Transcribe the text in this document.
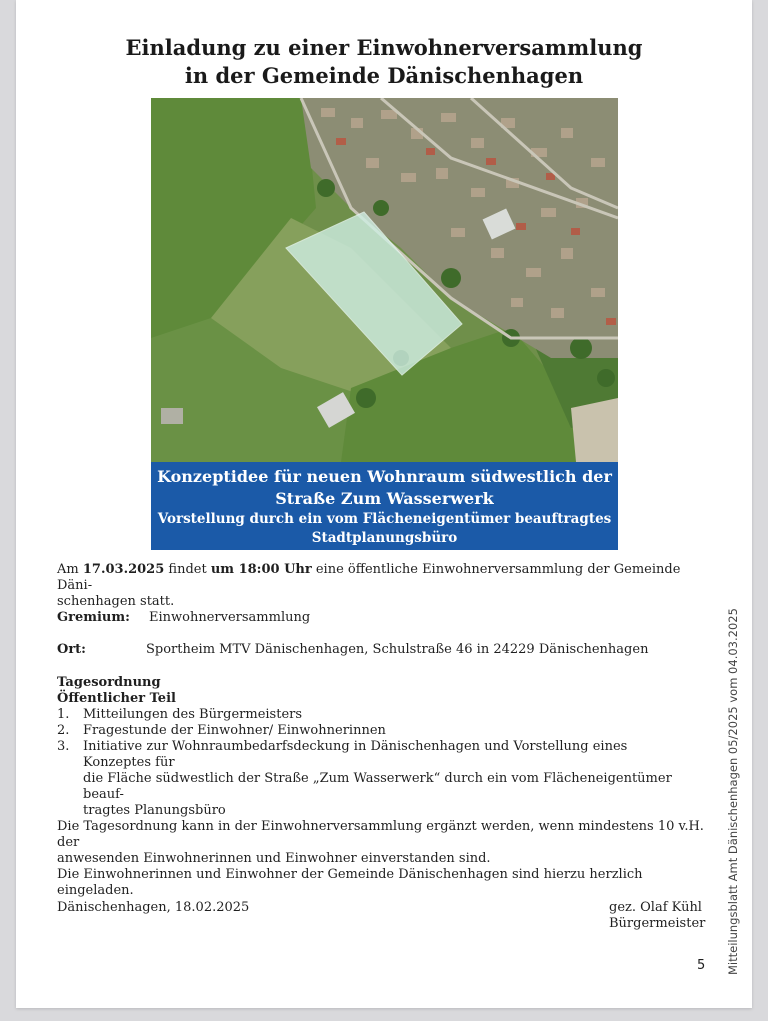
Einladung zu einer Einwohnerversammlung
in der Gemeinde Dänischenhagen
Konzeptidee für neuen Wohnraum südwestlich der
Straße Zum Wasserwerk
Vorstellung durch ein vom Flächeneigentümer beauftragtes
Stadtplanungsbüro
Am 17.03.2025 findet um 18:00 Uhr eine öffentliche Einwohnerversammlung der Gemeinde Däni-
schenhagen statt.
Gremium: Einwohnerversammlung
Ort:	Sportheim MTV Dänischenhagen, Schulstraße 46 in 24229 Dänischenhagen
Tagesordnung
Öffentlicher Teil
1. Mitteilungen des Bürgermeisters
2. Fragestunde der Einwohner/ Einwohnerinnen
3. Initiative zur Wohnraumbedarfsdeckung in Dänischenhagen und Vorstellung eines Konzeptes für
die Fläche südwestlich der Straße „Zum Wasserwerk“ durch ein vom Flächeneigentümer beauf-
tragtes Planungsbüro
Die Tagesordnung kann in der Einwohnerversammlung ergänzt werden, wenn mindestens 10 v.H. der
anwesenden Einwohnerinnen und Einwohner einverstanden sind.
Die Einwohnerinnen und Einwohner der Gemeinde Dänischenhagen sind hierzu herzlich eingeladen.
Dänischenhagen, 18.02.2025	gez. Olaf Kühl
Bürgermeister
5 Mitteilungsblatt Amt Dänischenhagen 05/2025 vom 04.03.2025
